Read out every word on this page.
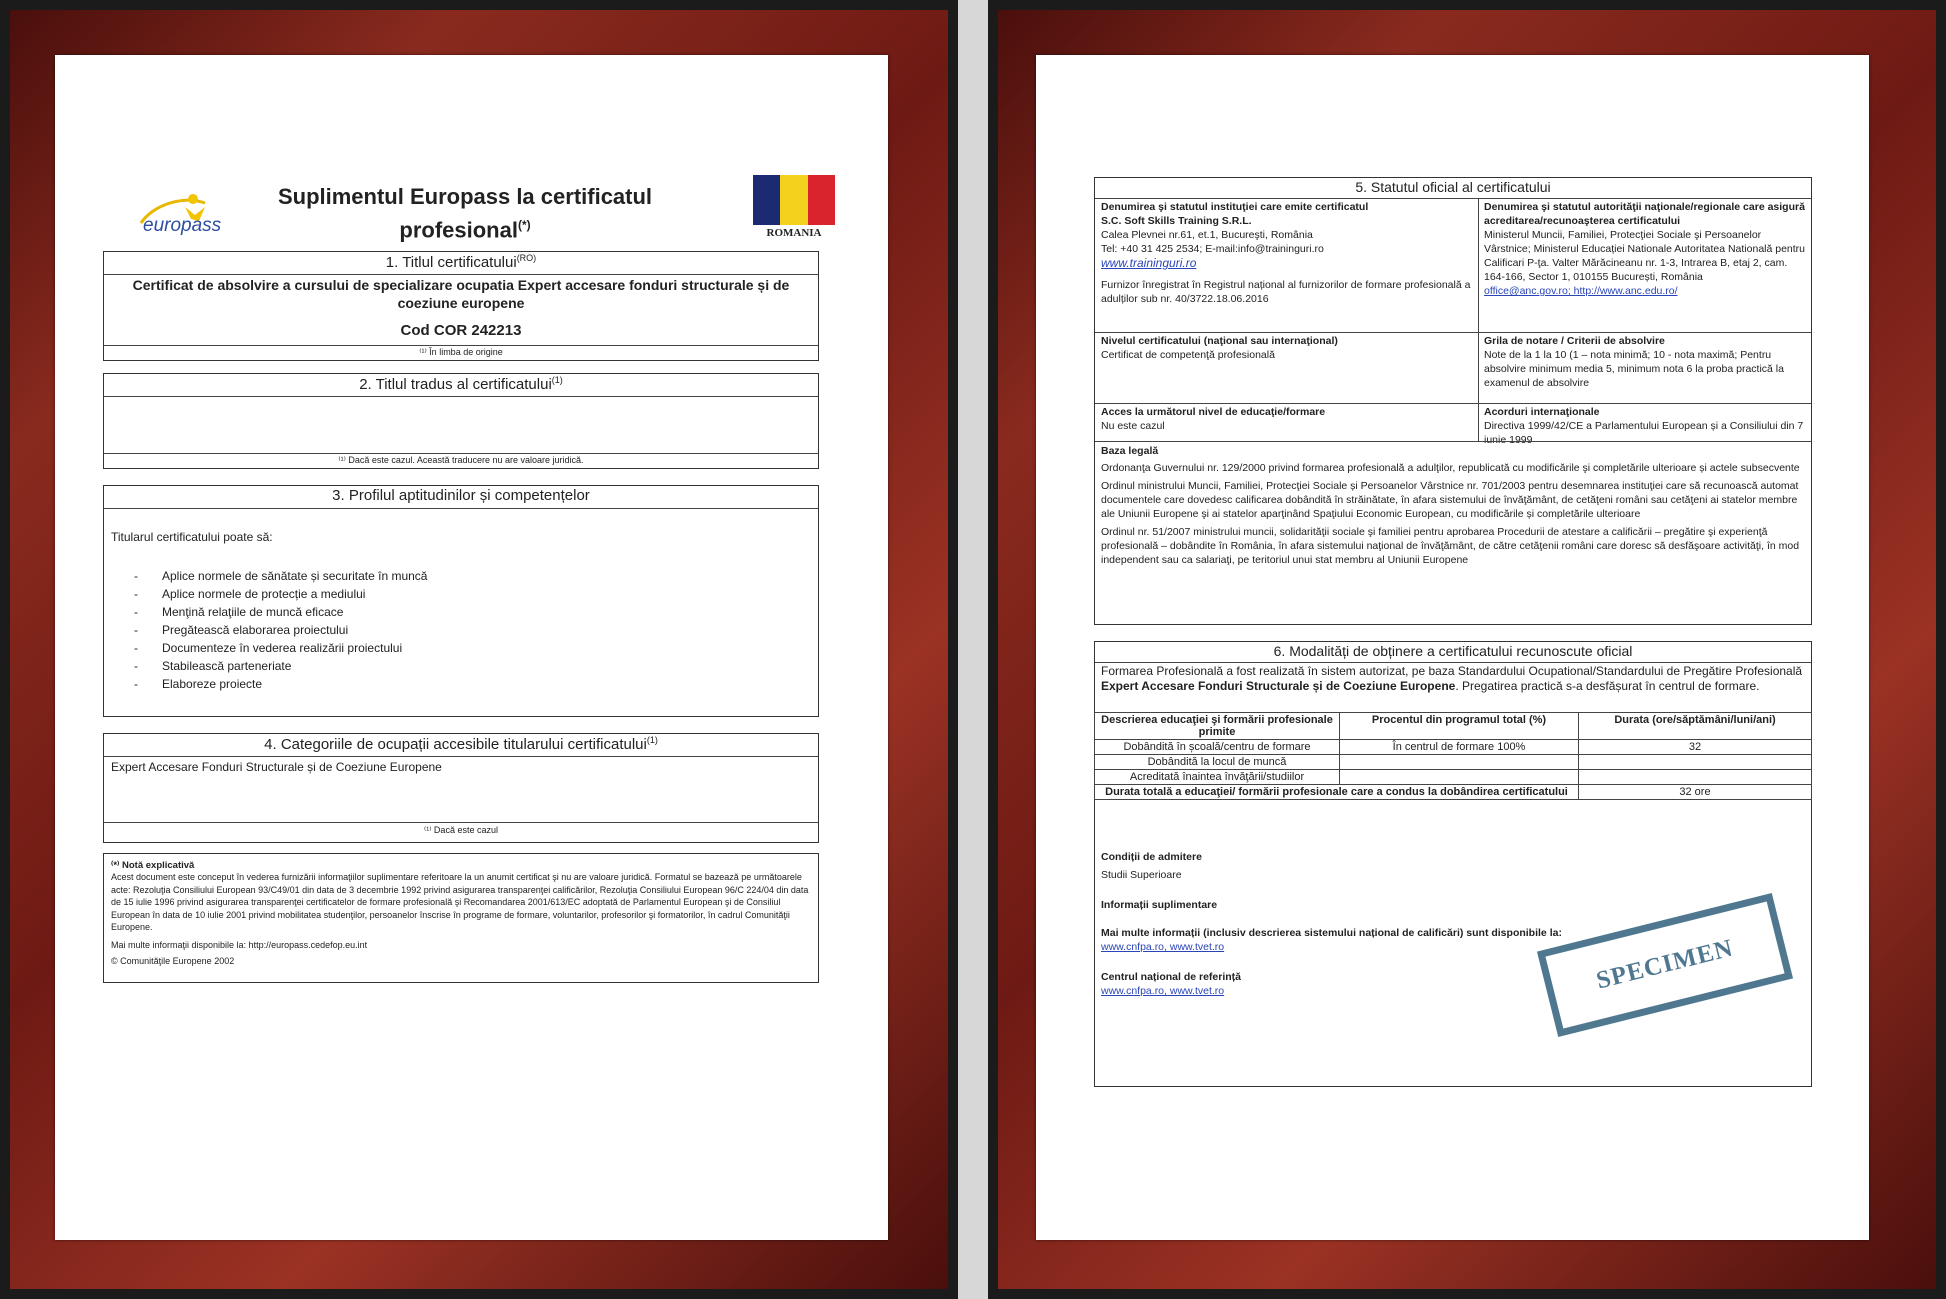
europass
Suplimentul Europass la certificatul profesional(*)
ROMANIA
1. Titlul certificatului$^{(RO)}$
Certificat de absolvire a cursului de specializare ocupatia Expert accesare fonduri structurale și de coeziune europene
Cod COR 242213
⁽¹⁾ În limba de origine
2. Titlul tradus al certificatului$^{(1)}$
⁽¹⁾ Dacă este cazul. Această traducere nu are valoare juridică.
3. Profilul aptitudinilor și competențelor
Titularul certificatului poate să:
- Aplice normele de sănătate și securitate în muncă
- Aplice normele de protecție a mediului
- Menţină relaţiile de muncă eficace
- Pregătească elaborarea proiectului
- Documenteze în vederea realizării proiectului
- Stabilească parteneriate
- Elaboreze proiecte
4. Categoriile de ocupații accesibile titularului certificatului$^{(1)}$
Expert Accesare Fonduri Structurale și de Coeziune Europene
⁽¹⁾ Dacă este cazul
⁽*⁾ Notă explicativă
Acest document este conceput în vederea furnizării informaţiilor suplimentare referitoare la un anumit certificat şi nu are valoare juridică. Formatul se bazează pe următoarele acte: Rezoluţia Consiliului European 93/C49/01 din data de 3 decembrie 1992 privind asigurarea transparenţei calificărilor, Rezoluţia Consiliului European 96/C 224/04 din data de 15 iulie 1996 privind asigurarea transparenţei certificatelor de formare profesională şi Recomandarea 2001/613/EC adoptată de Parlamentul European şi de Consiliul European în data de 10 iulie 2001 privind mobilitatea studenţilor, persoanelor înscrise în programe de formare, voluntarilor, profesorilor şi formatorilor, în cadrul Comunităţii Europene.
Mai multe informaţii disponibile la: http://europass.cedefop.eu.int
© Comunităţile Europene 2002
5. Statutul oficial al certificatului
Denumirea şi statutul instituţiei care emite certificatul
S.C. Soft Skills Training S.R.L.
Calea Plevnei nr.61, et.1, Bucureşti, România
Tel: +40 31 425 2534; E-mail:info@traininguri.ro
www.traininguri.ro
Furnizor înregistrat în Registrul național al furnizorilor de formare profesională a adulților sub nr. 40/3722.18.06.2016
Denumirea şi statutul autorităţii naţionale/regionale care asigură acreditarea/recunoaşterea certificatului
Ministerul Muncii, Familiei, Protecţiei Sociale şi Persoanelor Vârstnice; Ministerul Educației Nationale Autoritatea Natională pentru Calificari P-ţa. Valter Mărăcineanu nr. 1-3, Intrarea B, etaj 2, cam. 164-166, Sector 1, 010155 București, România
office@anc.gov.ro; http://www.anc.edu.ro/
Nivelul certificatului (naţional sau internaţional)
Certificat de competenţă profesională
Grila de notare / Criterii de absolvire
Note de la 1 la 10 (1 – nota minimă; 10 - nota maximă; Pentru absolvire minimum media 5, minimum nota 6 la proba practică la examenul de absolvire
Acces la următorul nivel de educaţie/formare
Nu este cazul
Acorduri internaţionale
Directiva 1999/42/CE a Parlamentului European și a Consiliului din 7 iunie 1999
Baza legală
Ordonanţa Guvernului nr. 129/2000 privind formarea profesională a adulţilor, republicată cu modificările şi completările ulterioare și actele subsecvente
Ordinul ministrului Muncii, Familiei, Protecţiei Sociale și Persoanelor Vârstnice nr. 701/2003 pentru desemnarea instituţiei care să recunoască automat documentele care dovedesc calificarea dobândită în străinătate, în afara sistemului de învăţământ, de cetăţeni români sau cetăţeni ai statelor membre ale Uniunii Europene şi ai statelor aparţinând Spaţiului Economic European, cu modificările și completările ulterioare
Ordinul nr. 51/2007 ministrului muncii, solidarităţii sociale şi familiei pentru aprobarea Procedurii de atestare a calificării – pregătire şi experienţă profesională – dobândite în România, în afara sistemului naţional de învăţământ, de către cetăţenii români care doresc să desfăşoare activităţi, în mod independent sau ca salariaţi, pe teritoriul unui stat membru al Uniunii Europene
6. Modalități de obținere a certificatului recunoscute oficial
Formarea Profesională a fost realizată în sistem autorizat, pe baza Standardului Ocupational/Standardului de Pregătire Profesională Expert Accesare Fonduri Structurale și de Coeziune Europene. Pregatirea practică s-a desfășurat în centrul de formare.
Descrierea educaţiei şi formării profesionale primite	Procentul din programul total (%)	Durata (ore/săptămâni/luni/ani)
Dobândită în școală/centru de formare	În centrul de formare 100%	32
Dobândită la locul de muncă		
Acreditată înaintea învăţării/studiilor		
Durata totală a educaţiei/ formării profesionale care a condus la dobândirea certificatului		32 ore
Condiții de admitere
Studii Superioare
Informații suplimentare
Mai multe informații (inclusiv descrierea sistemului național de calificări) sunt disponibile la:
www.cnfpa.ro, www.tvet.ro
Centrul național de referință
www.cnfpa.ro, www.tvet.ro	SPECIMEN
